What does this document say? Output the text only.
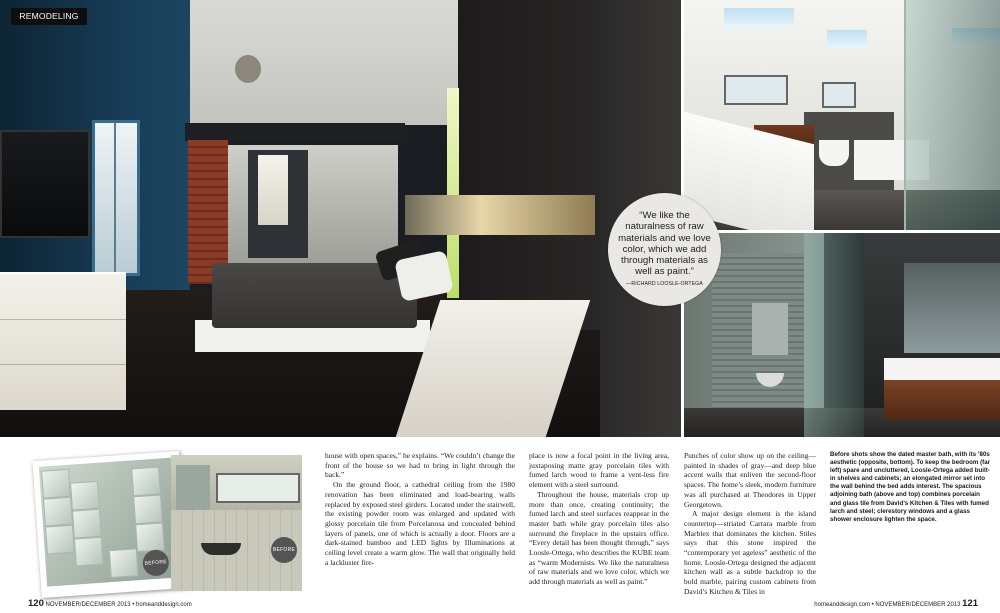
REMODELING
“We like the naturalness of raw materials and we love color, which we add through materials as well as paint.”
—RICHARD LOOSLE-ORTEGA
BEFORE
BEFORE

house with open spaces,” he explains. “We couldn’t change the front of the house so we had to bring in light through the back.”

On the ground floor, a cathedral ceiling from the 1980 renovation has been eliminated and load-bearing walls replaced by exposed steel girders. Located under the stairwell, the existing powder room was enlarged and updated with glossy porcelain tile from Porcelanosa and concealed behind layers of panels, one of which is actually a door. Floors are a dark-stained bamboo and LED lights by Illuminations at ceiling level create a warm glow. The wall that originally held a lackluster fire-

place is now a focal point in the living area, juxtaposing matte gray porcelain tiles with fumed larch wood to frame a vent-less fire element with a steel surround.

Throughout the house, materials crop up more than once, creating continuity; the fumed larch and steel surfaces reappear in the master bath while gray porcelain tiles also surround the fireplace in the upstairs office. “Every detail has been thought through,” says Loosle-Ortega, who describes the KUBE team as “warm Modernists. We like the naturalness of raw materials and we love color, which we add through materials as well as paint.”

Punches of color show up on the ceiling—painted in shades of gray—and deep blue accent walls that enliven the second-floor spaces. The home’s sleek, modern furniture was all purchased at Theodores in Upper Georgetown.

A major design element is the island countertop—striated Carrara marble from Marblex that dominates the kitchen. Stiles says that this stone inspired the “contemporary yet ageless” aesthetic of the home. Loosle-Ortega designed the adjacent kitchen wall as a subtle backdrop to the bold marble, pairing custom cabinets from David’s Kitchen & Tiles in

Before shots show the dated master bath, with its ’80s aesthetic (opposite, bottom). To keep the bedroom (far left) spare and uncluttered, Loosle-Ortega added built-in shelves and cabinets; an elongated mirror set into the wall behind the bed adds interest. The spacious adjoining bath (above and top) combines porcelain and glass tile from David’s Kitchen & Tiles with fumed larch and steel; clerestory windows and a glass shower enclosure lighten the space.
120 NOVEMBER/DECEMBER 2013 • homeanddesign.com	homeanddesign.com • NOVEMBER/DECEMBER 2013 121
